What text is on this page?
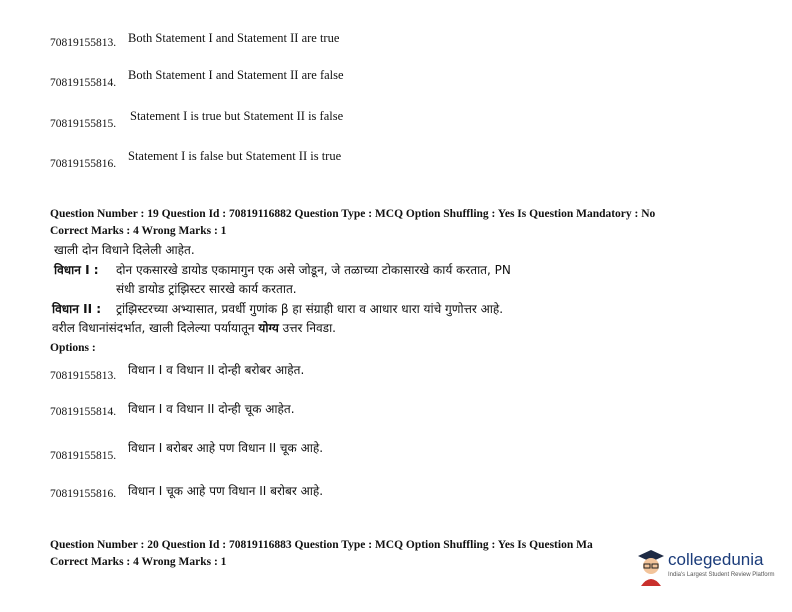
70819155813. Both Statement I and Statement II are true
70819155814.
Both Statement I and Statement II are false
70819155815.
Statement I is true but Statement II is false
70819155816.
Statement I is false but Statement II is true
Question Number : 19 Question Id : 70819116882 Question Type : MCQ Option Shuffling : Yes Is Question Mandatory : No
Correct Marks : 4 Wrong Marks : 1
खाली दोन विधाने दिलेली आहेत.
विधान I : दोन एकसारखे डायोड एकामागुन एक असे जोडून, जे तळाच्या टोकासारखे कार्य करतात, PN
संधी डायोड ट्रांझिस्टर सारखे कार्य करतात.
विधान II : ट्रांझिस्टरच्या अभ्यासात, प्रवर्धी गुणांक β हा संग्राही धारा व आधार धारा यांचे गुणोत्तर आहे.
वरील विधानांसंदर्भात, खाली दिलेल्या पर्यायातून योग्य उत्तर निवडा.
Options :
70819155813. विधान I व विधान II दोन्ही बरोबर आहेत.
70819155814. विधान I व विधान II दोन्ही चूक आहेत.
70819155815.
विधान I बरोबर आहे पण विधान II चूक आहे.
70819155816. विधान I चूक आहे पण विधान II बरोबर आहे.
Question Number : 20 Question Id : 70819116883 Question Type : MCQ Option Shuffling : Yes Is Question Ma
Correct Marks : 4 Wrong Marks : 1	collegedunia
India's Largest Student Review Platform
